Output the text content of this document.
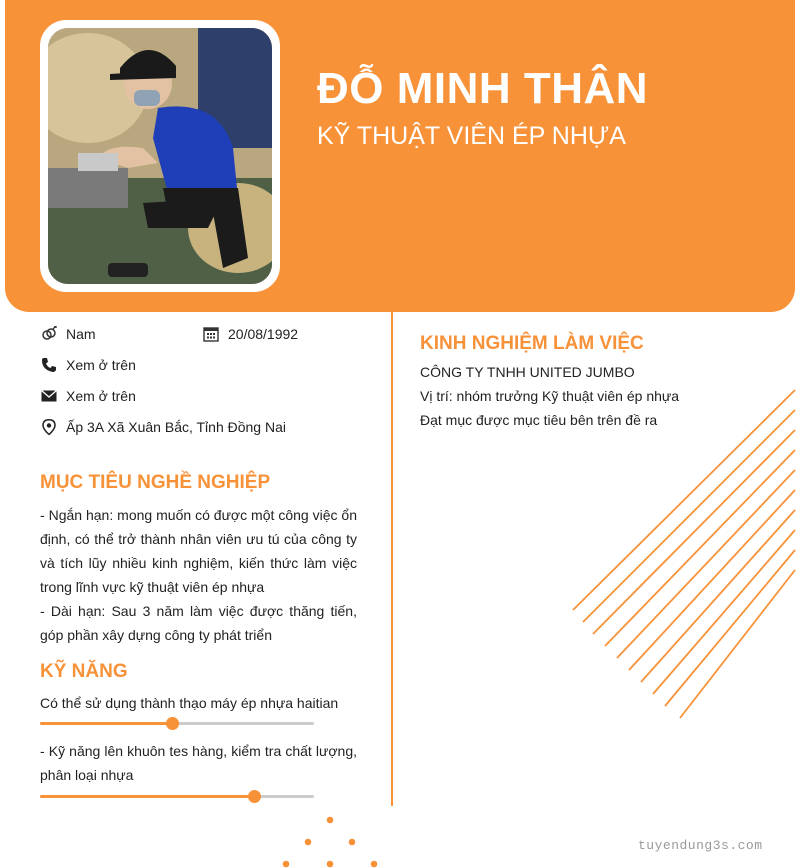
ĐỖ MINH THÂN
KỸ THUẬT VIÊN ÉP NHỰA
Nam	20/08/1992
Xem ở trên
Xem ở trên
Ấp 3A Xã Xuân Bắc, Tỉnh Đồng Nai
MỤC TIÊU NGHỀ NGHIỆP
- Ngắn hạn: mong muốn có được một công việc ổn định, có thể trở thành nhân viên ưu tú của công ty và tích lũy nhiều kinh nghiệm, kiến thức làm việc trong lĩnh vực kỹ thuật viên ép nhựa
- Dài hạn: Sau 3 năm làm việc được thăng tiến, góp phần xây dựng công ty phát triển
KỸ NĂNG
Có thể sử dụng thành thạo máy ép nhựa haitian
- Kỹ năng lên khuôn tes hàng, kiểm tra chất lượng, phân loại nhựa
KINH NGHIỆM LÀM VIỆC
CÔNG TY TNHH UNITED JUMBO
Vị trí: nhóm trưởng Kỹ thuật viên ép nhựa
Đạt mục được mục tiêu bên trên đề ra
tuyendung3s.com
